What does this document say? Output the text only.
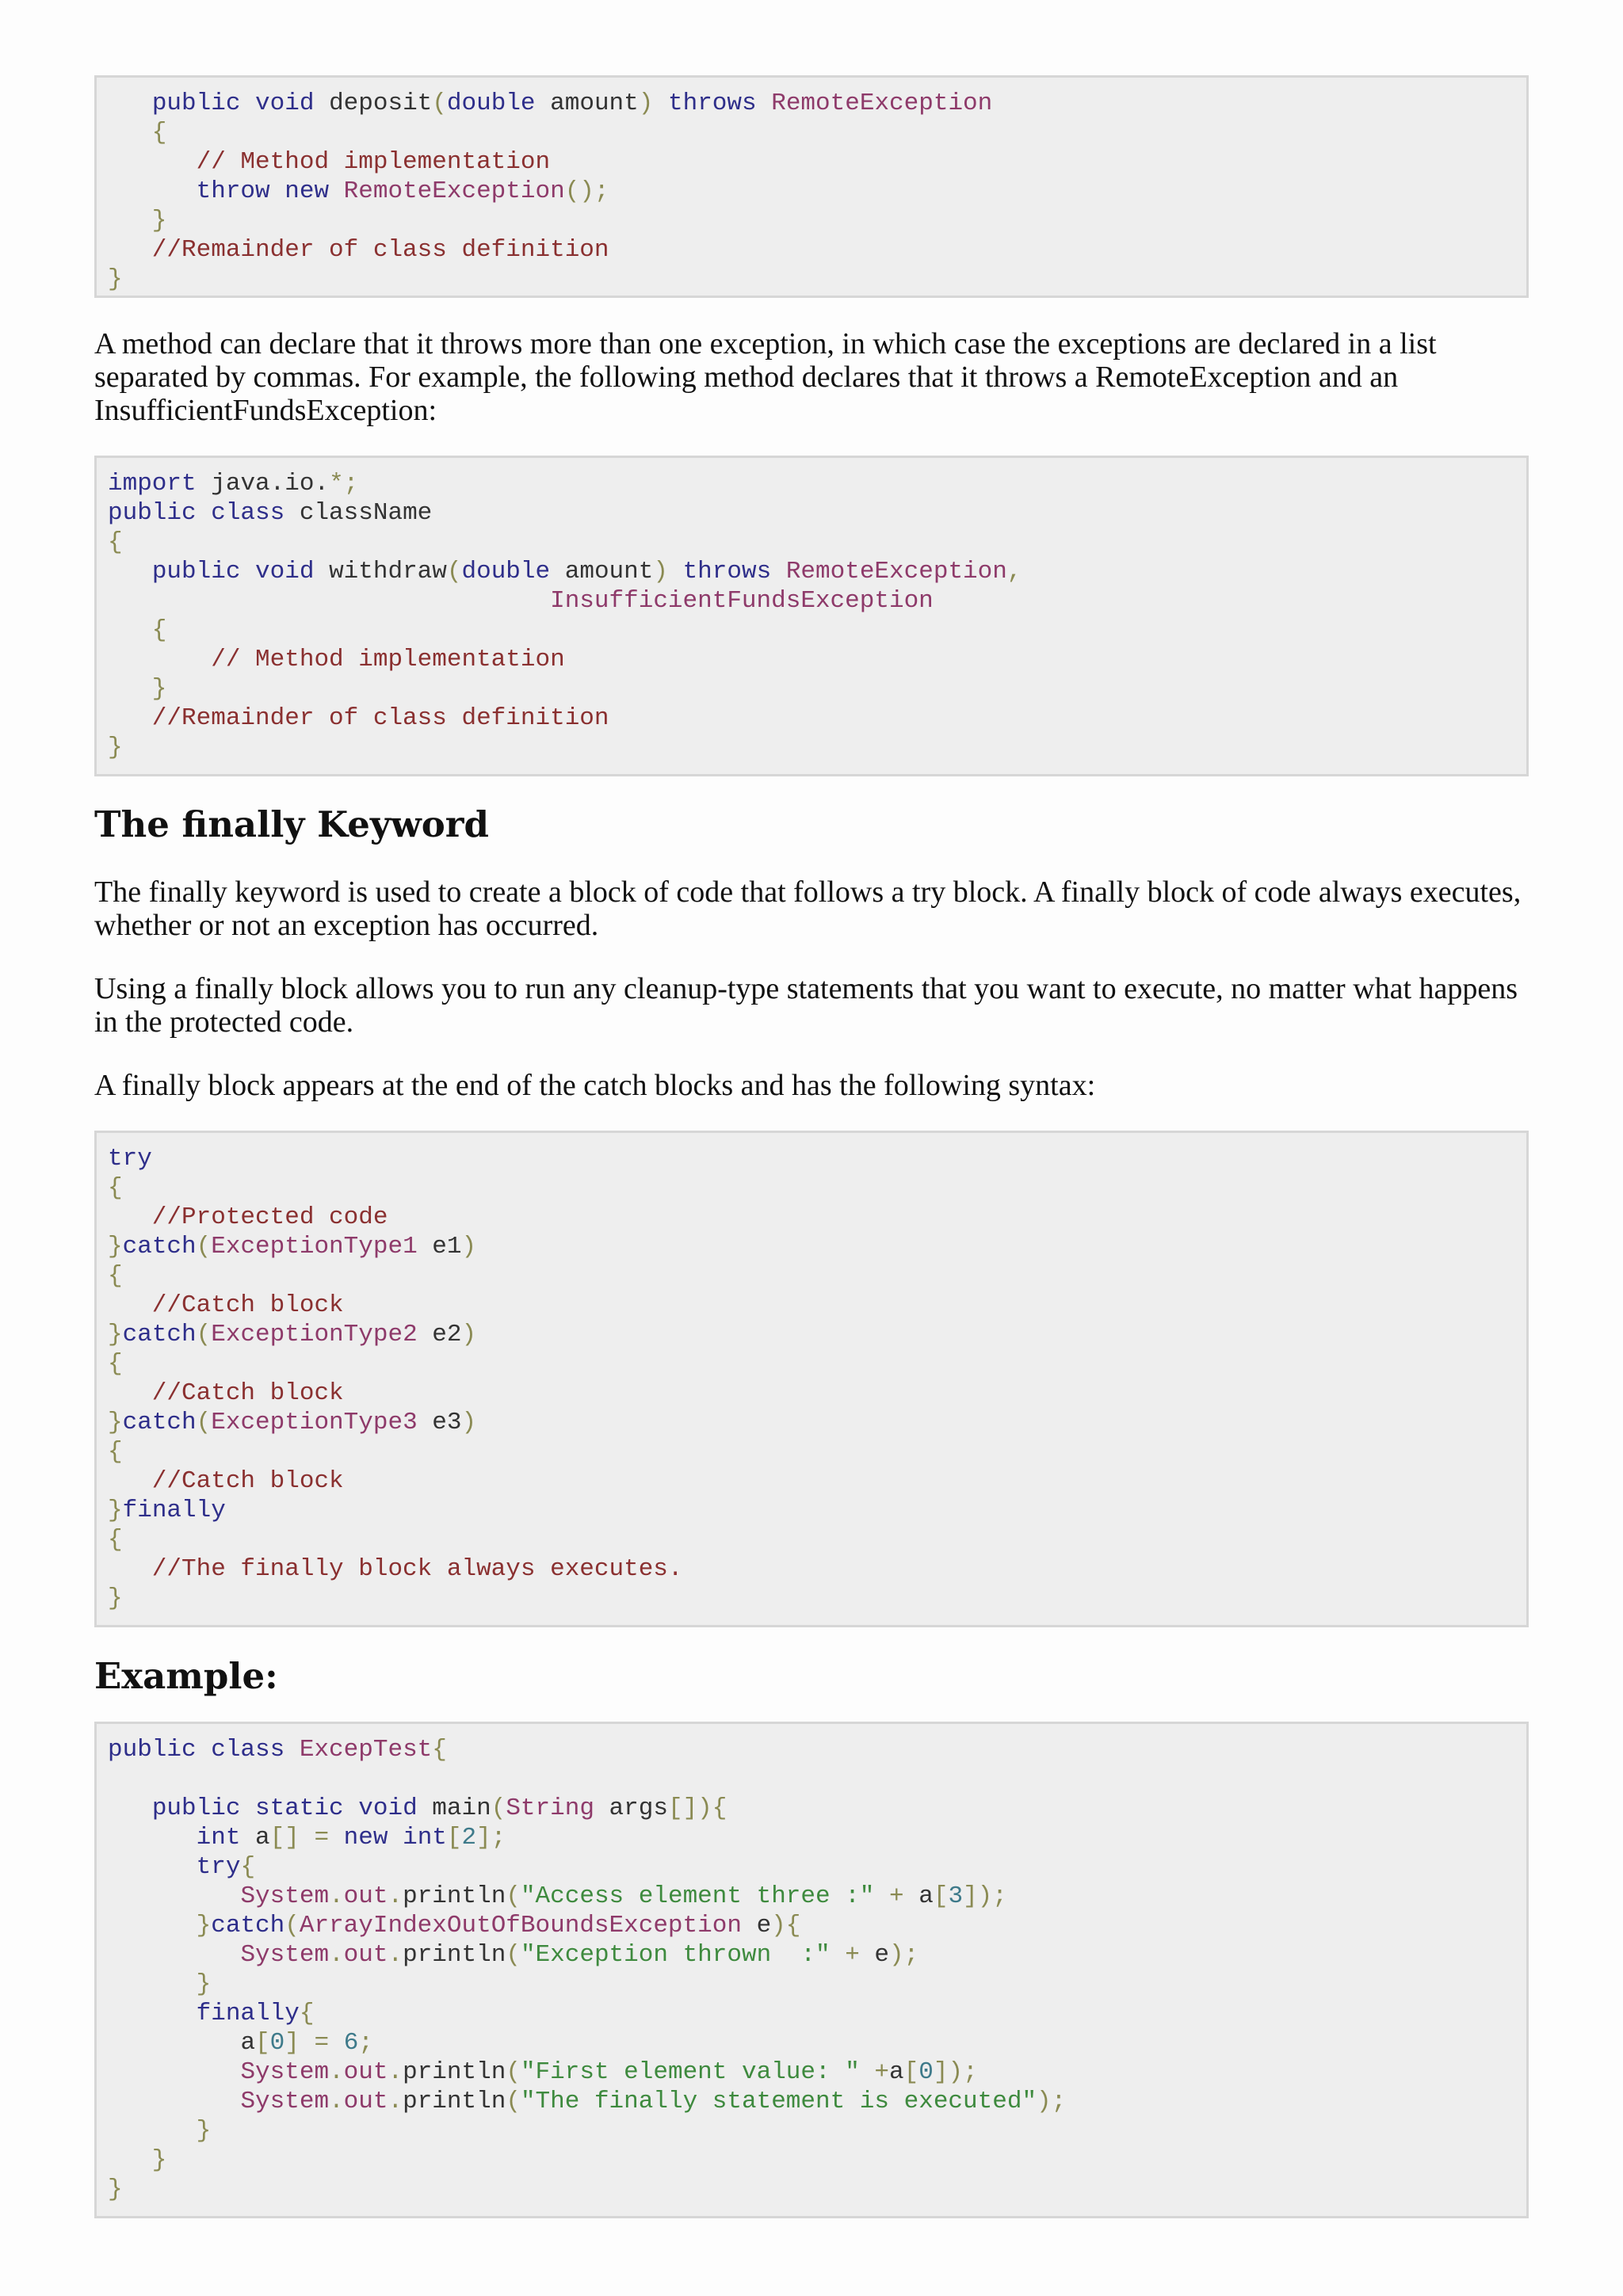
public void deposit(double amount) throws RemoteException
{
// Method implementation
throw new RemoteException();
}
//Remainder of class definition
}

A method can declare that it throws more than one exception, in which case the exceptions are declared in a list separated by commas. For example, the following method declares that it throws a RemoteException and an InsufficientFundsException:

import java.io.*;
public class className
{
public void withdraw(double amount) throws RemoteException,
InsufficientFundsException
{
// Method implementation
}
//Remainder of class definition
}
The finally Keyword

The finally keyword is used to create a block of code that follows a try block. A finally block of code always executes, whether or not an exception has occurred.

Using a finally block allows you to run any cleanup-type statements that you want to execute, no matter what happens in the protected code.

A finally block appears at the end of the catch blocks and has the following syntax:

try
{
//Protected code
}catch(ExceptionType1 e1)
{
//Catch block
}catch(ExceptionType2 e2)
{
//Catch block
}catch(ExceptionType3 e3)
{
//Catch block
}finally
{
//The finally block always executes.
}
Example:
public class ExcepTest{
public static void main(String args[]){
int a[] = new int[2];
try{
System.out.println("Access element three :" + a[3]);
}catch(ArrayIndexOutOfBoundsException e){
System.out.println("Exception thrown  :" + e);
}
finally{
a[0] = 6;
System.out.println("First element value: " +a[0]);
System.out.println("The finally statement is executed");
}
}
}
